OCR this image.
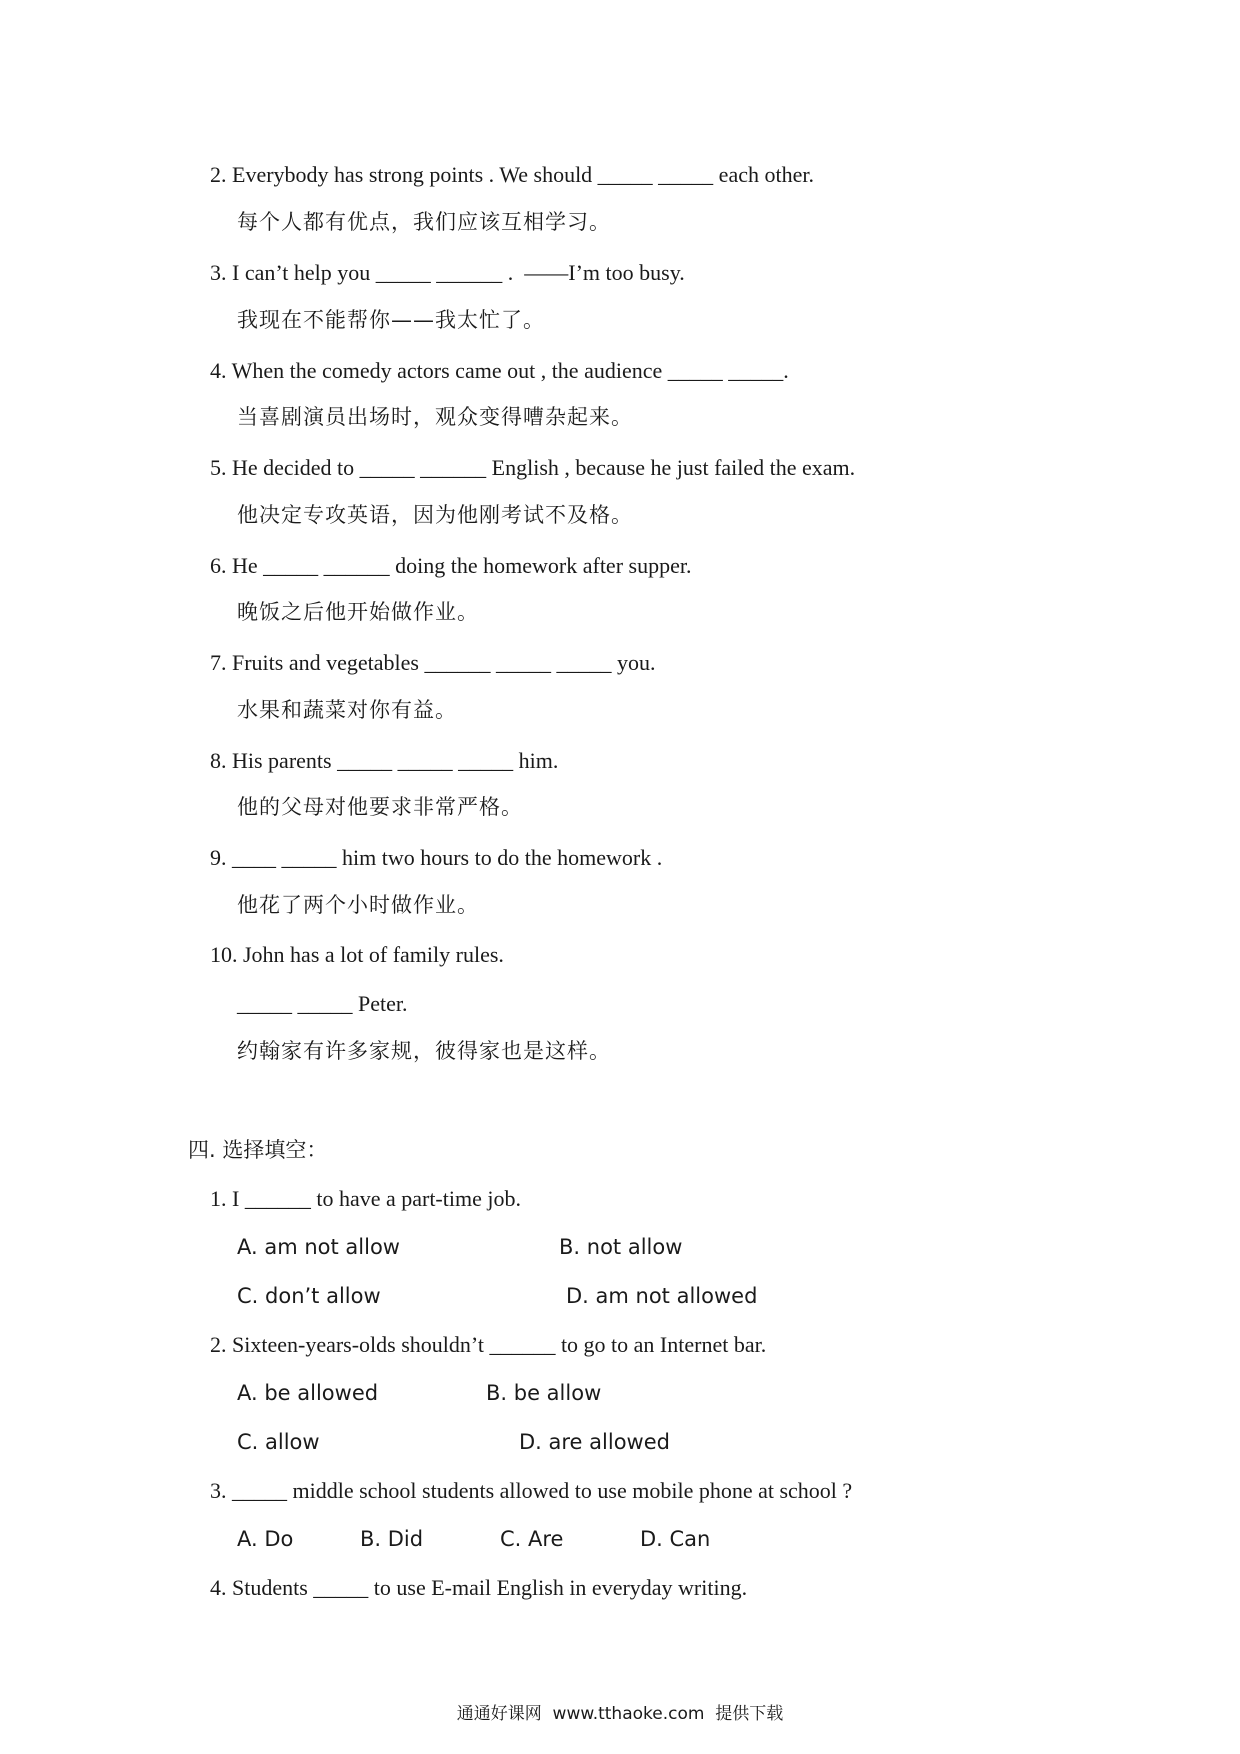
2. Everybody has strong points . We should _____ _____ each other.
每个人都有优点，我们应该互相学习。
3. I can’t help you _____ ______ .  ——I’m too busy.
我现在不能帮你——我太忙了。
4. When the comedy actors came out , the audience _____ _____.
当喜剧演员出场时，观众变得嘈杂起来。
5. He decided to _____ ______ English , because he just failed the exam.
他决定专攻英语，因为他刚考试不及格。
6. He _____ ______ doing the homework after supper.
晚饭之后他开始做作业。
7. Fruits and vegetables ______ _____ _____ you.
水果和蔬菜对你有益。
8. His parents _____ _____ _____ him.
他的父母对他要求非常严格。
9. ____ _____ him two hours to do the homework .
他花了两个小时做作业。
10. John has a lot of family rules.
_____ _____ Peter.
约翰家有许多家规，彼得家也是这样。
四. 选择填空：
1. I ______ to have a part-time job.
A. am not allow	B. not allow
C. don’t allow	D. am not allowed
2. Sixteen-years-olds shouldn’t ______ to go to an Internet bar.
A. be allowed	B. be allow
C. allow	D. are allowed
3. _____ middle school students allowed to use mobile phone at school ?
A. Do	B. Did	C. Are	D. Can
4. Students _____ to use E-mail English in everyday writing.
通通好课网  www.tthaoke.com  提供下载
